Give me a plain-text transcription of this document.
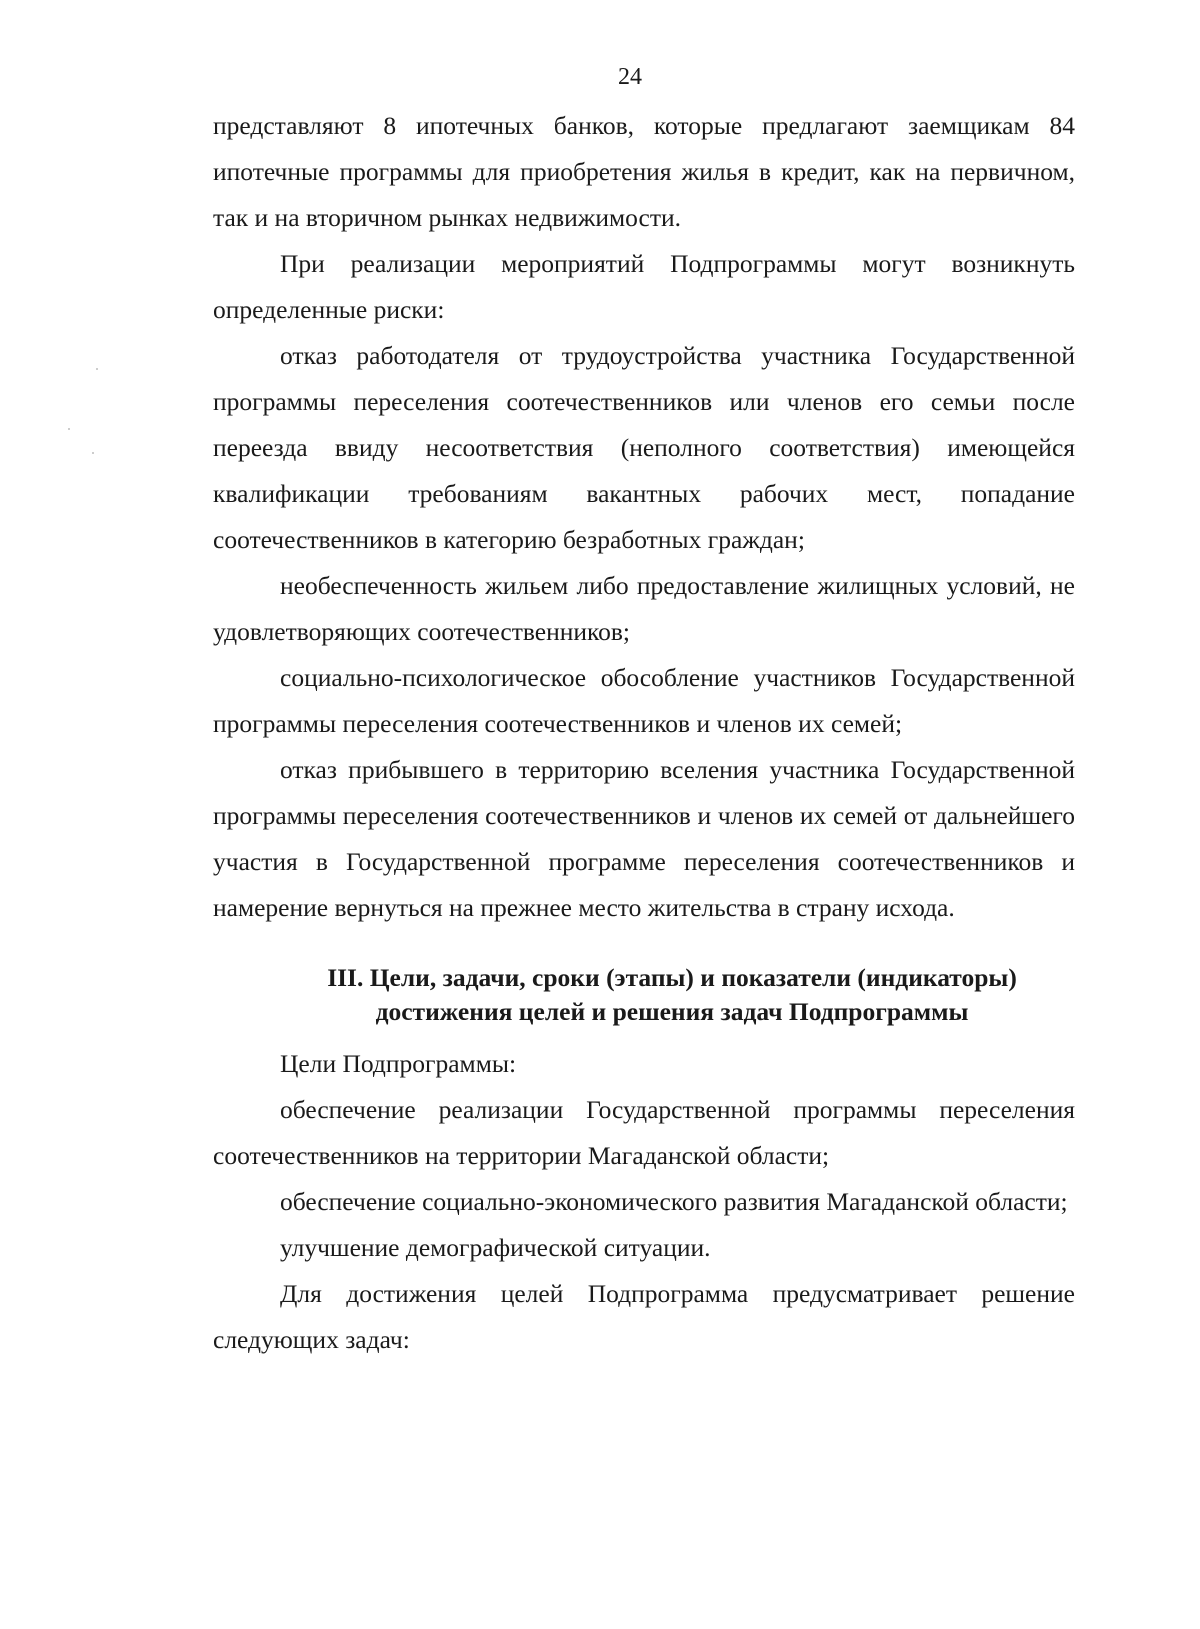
24

представляют 8 ипотечных банков, которые предлагают заемщикам 84 ипотечные программы для приобретения жилья в кредит, как на первичном, так и на вторичном рынках недвижимости.

При реализации мероприятий Подпрограммы могут возникнуть определенные риски:

отказ работодателя от трудоустройства участника Государственной программы переселения соотечественников или членов его семьи после переезда ввиду несоответствия (неполного соответствия) имеющейся квалификации требованиям вакантных рабочих мест, попадание соотечественников в категорию безработных граждан;

необеспеченность жильем либо предоставление жилищных условий, не удовлетворяющих соотечественников;

социально-психологическое обособление участников Государственной программы переселения соотечественников и членов их семей;

отказ прибывшего в территорию вселения участника Государственной программы переселения соотечественников и членов их семей от дальнейшего участия в Государственной программе переселения соотечественников и намерение вернуться на прежнее место жительства в страну исхода.

III. Цели, задачи, сроки (этапы) и показатели (индикаторы)
достижения целей и решения задач Подпрограммы

Цели Подпрограммы:

обеспечение реализации Государственной программы переселения соотечественников на территории Магаданской области;

обеспечение социально-экономического развития Магаданской области;

улучшение демографической ситуации.

Для достижения целей Подпрограмма предусматривает решение следующих задач:
